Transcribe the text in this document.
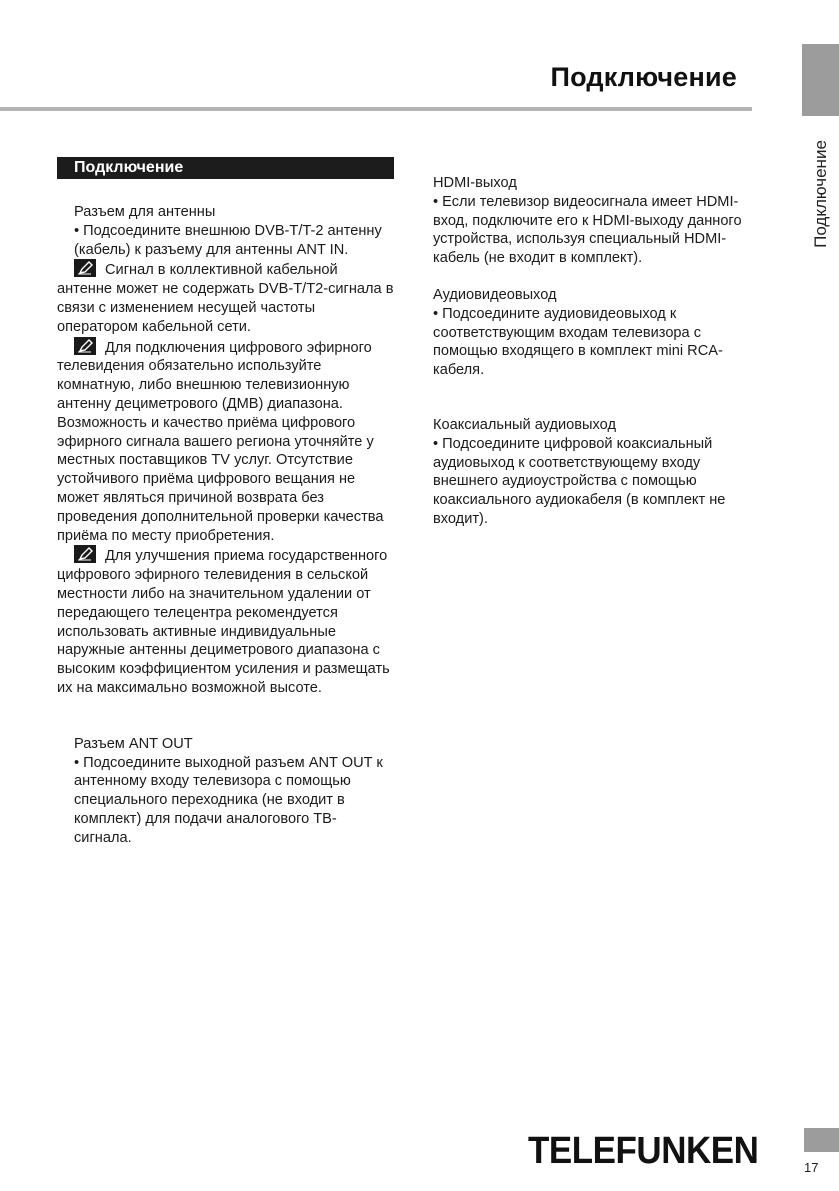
Подключение
Подключение
Подключение
Разъем для антенны
• Подсоедините внешнюю DVB-T/T-2 антенну (кабель) к разъему для антенны ANT IN.
Сигнал в коллективной кабельной антенне может не содержать DVB-T/T2-сигнала в связи с изменением несущей частоты оператором кабельной сети.
Для подключения цифрового эфирного телевидения обязательно используйте комнатную, либо внешнюю телевизионную антенну дециметрового (ДМВ) диапазона. Возможность и качество приёма цифрового эфирного сигнала вашего региона уточняйте у местных поставщиков TV услуг. Отсутствие устойчивого приёма цифрового вещания не может являться причиной возврата без проведения дополнительной проверки качества приёма по месту приобретения.
Для улучшения приема государственного цифрового эфирного телевидения в сельской местности либо на значительном удалении от передающего телецентра рекомендуется использовать активные индивидуальные наружные антенны дециметрового диапазона с высоким коэффициентом усиления и размещать их на максимально возможной высоте.
Разъем ANT OUT
• Подсоедините выходной разъем ANT OUT к антенному входу телевизора с помощью специального переходника (не входит в комплект) для подачи аналогового ТВ-сигнала.
HDMI-выход
• Если телевизор видеосигнала имеет HDMI-вход, подключите его к HDMI-выходу данного устройства, используя специальный HDMI-кабель (не входит в комплект).
Аудиовидеовыход
• Подсоедините аудиовидеовыход к соответствующим входам телевизора с помощью входящего в комплект mini RCA-кабеля.
Коаксиальный аудиовыход
• Подсоедините цифровой коаксиальный аудиовыход к соответствующему входу внешнего аудиоустройства с помощью коаксиального аудиокабеля (в комплект не входит).
TELEFUNKEN	17
